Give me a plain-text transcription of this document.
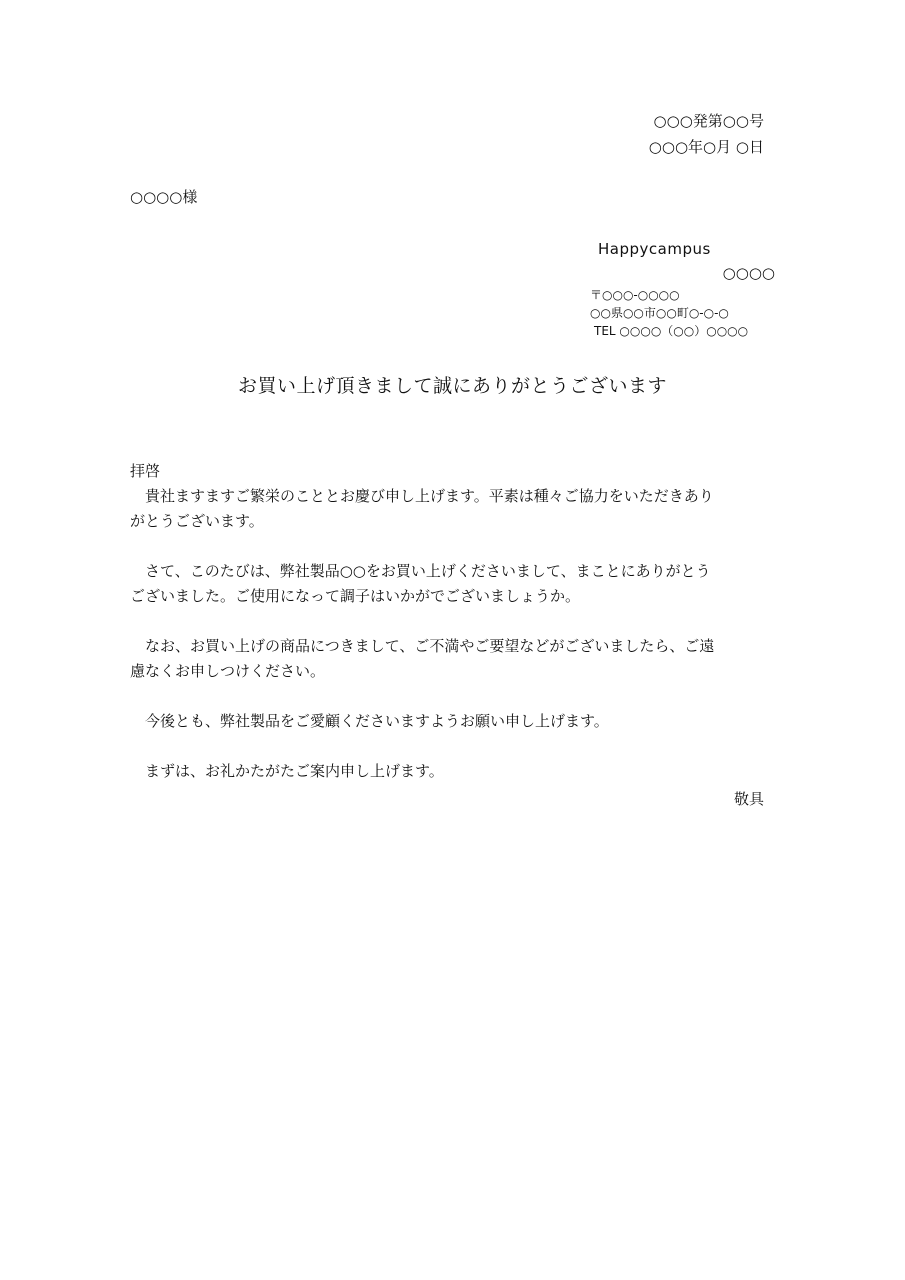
○○○発第○○号
○○○年○月 ○日
○○○○様
Happycampus
○○○○
〒○○○-○○○○
○○県○○市○○町○-○-○
TEL ○○○○（○○）○○○○
お買い上げ頂きまして誠にありがとうございます
拝啓
貴社ますますご繁栄のこととお慶び申し上げます。平素は種々ご協力をいただきあり
がとうございます。
さて、このたびは、弊社製品○○をお買い上げくださいまして、まことにありがとう
ございました。ご使用になって調子はいかがでございましょうか。
なお、お買い上げの商品につきまして、ご不満やご要望などがございましたら、ご遠
慮なくお申しつけください。
今後とも、弊社製品をご愛顧くださいますようお願い申し上げます。
まずは、お礼かたがたご案内申し上げます。
敬具
